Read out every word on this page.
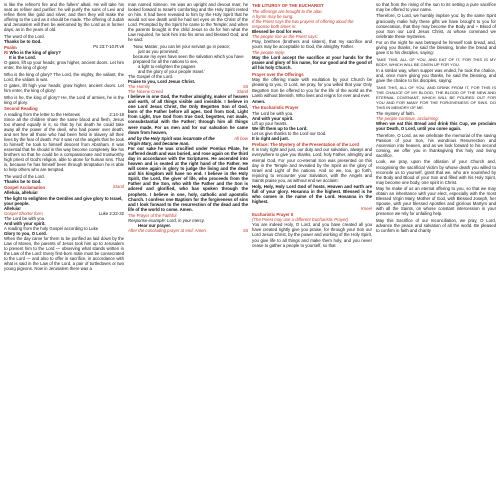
is like the refiner's fire and the fullers' alkali. He will take his seat as refiner and purifier; he will purify the sons of Levi and refine them like gold and silver, and then they will make the offering to the Lord as it should be made. The offering of Judah and Jerusalem will then be welcomed by the Lord as in former days, as in the years of old.

The word of the Lord.
Thanks be to God.
Psalm	Ps 23:7-10.R:v8
R/ Who is the king of glory?
It is the Lord.

O gates, lift up your heads; grow higher, ancient doors. Let him enter, the king of glory!

Who is the king of glory? The Lord, the mighty, the valiant, the Lord, the valiant in war.

O gates, lift high your heads; grow higher, ancient doors. Let him enter, the king of glory!

Who is he, the king of glory? He, the Lord of armies, he is the king of glory.

Second Reading
A reading from the letter to the Hebrews	2:14-18

Since all the children share the same blood and flesh, Jesus too shared equally in it, so that by his death he could take away all the power of the devil, who had power over death, and set free all those who had been held in slavery all their lives by the fear of death. For it was not the angels that he took to himself; he took to himself descent from Abraham. It was essential that he should in this way become completely like his brothers so that he could be a compassionate and trustworthy high priest of God's religion, able to atone for human sins. That is, because he has himself been through temptation he is able to help others who are tempted.

The word of the Lord.
Thanks be to God.
Gospel Acclamation	Stand
Alleluia, alleluia!
The light to enlighten the Gentiles and give glory to Israel, your people.
Alleluia!
Gospel Shorter form	Luke 2:22-32
The Lord be with you.
And with your spirit.
A reading from the holy Gospel according to Luke
Glory to you, O Lord.

When the day came for them to be purified as laid down by the Law of Moses, the parents of Jesus took him up to Jerusalem to present him to the Lord — observing what stands written in the Law of the Lord: Every first-born male must be consecrated to the Lord — and also to offer in sacrifice, in accordance with what is said in the Law of the Lord, a pair of turtledoves or two young pigeons. Now in Jerusalem there was a

man named Simeon. He was an upright and devout man; he looked forward to Israel's comforting and the Holy Spirit rested on him. It had been revealed to him by the Holy Spirit that he would not see death until he had set eyes on the Christ of the Lord. Prompted by the Spirit he came to the Temple; and when the parents brought in the child Jesus to do for him what the Law required, he took him into his arms and blessed God; and he said:

'Now, Master, you can let your servant go in peace;
just as you promised;
because my eyes have seen the salvation which you have prepared for all the nations to see,
a light to enlighten the pagans
and the glory of your people Israel.'
The Gospel of the Lord.
Praise to you, Lord Jesus Christ.
The Homily	Sit
The Nicene Creed	Stand

I believe in one God, the Father almighty, maker of heaven and earth, of all things visible and invisible. I believe in one Lord Jesus Christ, the Only Begotten Son of God, born of the Father before all ages. God from God, Light from Light, true God from true God, begotten, not made, consubstantial with the Father; through him all things were made. For us men and for our salvation he came down from heaven,

and by the Holy Spirit was incarnate of the Virgin Mary, and became man.
All bow

For our sake he was crucified under Pontius Pilate, he suffered death and was buried, and rose again on the third day in accordance with the Scriptures. He ascended into heaven and is seated at the right hand of the Father. He will come again in glory to judge the living and the dead and his kingdom will have no end. I believe in the Holy Spirit, the Lord, the giver of life, who proceeds from the Father and the Son, who with the Father and the Son is adored and glorified, who has spoken through the prophets. I believe in one, holy, catholic and apostolic Church. I confess one Baptism for the forgiveness of sins and I look forward to the resurrection of the dead and the life of the world to come. Amen.

The Prayer of the Faithful
Response example: Lord, in your mercy.
Hear our prayer.
After the concluding prayer at end: Amen.	Sit
THE LITURGY OF THE EUCHARIST
The offerings are brought to the altar.
A hymn may be sung.
If the Priest says the two prayers of offering aloud the response both times is:
Blessed be God for ever.
The people rise as the Priest says:

Pray, brethren (brothers and sisters), that my sacrifice and yours may be acceptable to God, the almighty Father.

The people reply:

May the Lord accept the sacrifice at your hands for the praise and glory of his name, for our good and the good of all his holy Church.

Prayer over the Offerings

May the offering made with exultation by your Church be pleasing to you, O Lord, we pray, for you willed that your Only Begotten Son be offered to you for the life of the world as the Lamb without blemish. Who lives and reigns for ever and ever.

Amen.
The Eucharistic Prayer
The Lord be with you.
And with your spirit.
Lift up your hearts.
We lift them up to the Lord.
Let us give thanks to the Lord our God.
It is right and just.
Preface: The Mystery of the Presentation of the Lord

It is truly right and just, our duty and our salvation, always and everywhere to give you thanks, Lord, holy Father, almighty and eternal God. For your co-eternal Son was presented on this day in the Temple and revealed by the Spirit as the glory of Israel and Light of the nations. And so we, too, go forth, rejoicing to encounter your Salvation, with the Angels and Saints praise you, as without end we acclaim:

Holy, Holy, Holy Lord God of hosts. Heaven and earth are full of your glory. Hosanna in the highest. Blessed is he who comes in the name of the Lord. Hosanna in the highest.

Kneel
Eucharistic Prayer II
(The Priest may use a different Eucharistic Prayer)

You are indeed Holy, O Lord, and you have created all you have created rightly give you praise, for through your Son our Lord Jesus Christ, by the power and working of the Holy Spirit, you give life to all things and make them holy, and you never cease to gather a people to yourself, so that

so that from the rising of the sun to its setting a pure sacrifice may be offered to your name.

Therefore, O Lord, we humbly implore you: by the same Spirit graciously make holy these gifts we have brought to you for consecration, that they may become the Body and + Blood of your Son our Lord Jesus Christ, at whose command we celebrate these mysteries.

For on the night he was betrayed he himself took bread, and, giving you thanks, he said the blessing, broke the bread and gave it to his disciples, saying:

TAKE THIS, ALL OF YOU, AND EAT OF IT, FOR THIS IS MY BODY, WHICH WILL BE GIVEN UP FOR YOU.

In a similar way, when supper was ended, he took the chalice, and, once more giving you thanks, he said the blessing, and gave the chalice to his disciples, saying:

TAKE THIS, ALL OF YOU, AND DRINK FROM IT, FOR THIS IS THE CHALICE OF MY BLOOD, THE BLOOD OF THE NEW AND ETERNAL COVENANT, WHICH WILL BE POURED OUT FOR YOU AND FOR MANY FOR THE FORGIVENESS OF SINS. DO THIS IN MEMORY OF ME.

The mystery of faith.
The people continue, acclaiming:

When we eat this Bread and drink this Cup, we proclaim your Death, O Lord, until you come again.

Therefore, O Lord, as we celebrate the memorial of the saving Passion of your Son, his wondrous Resurrection and Ascension into heaven, and as we look forward to his second coming, we offer you in thanksgiving this holy and living sacrifice.

Look, we pray, upon the oblation of your Church and, recognising the sacrificial Victim by whose death you willed to reconcile us to yourself, grant that we, who are nourished by the Body and Blood of your Son and filled with his Holy Spirit, may become one body, one spirit in Christ.

May he make of us an eternal offering to you, so that we may obtain an inheritance with your elect, especially with the most Blessed Virgin Mary, Mother of God, with Blessed Joseph, her Spouse, with your blessed Apostles and glorious Martyrs and with all the Saints, on whose constant intercession in your presence we rely for unfailing help.

May this Sacrifice of our reconciliation, we pray, O Lord, advance the peace and salvation of all the world. Be pleased to confirm in faith and charity
